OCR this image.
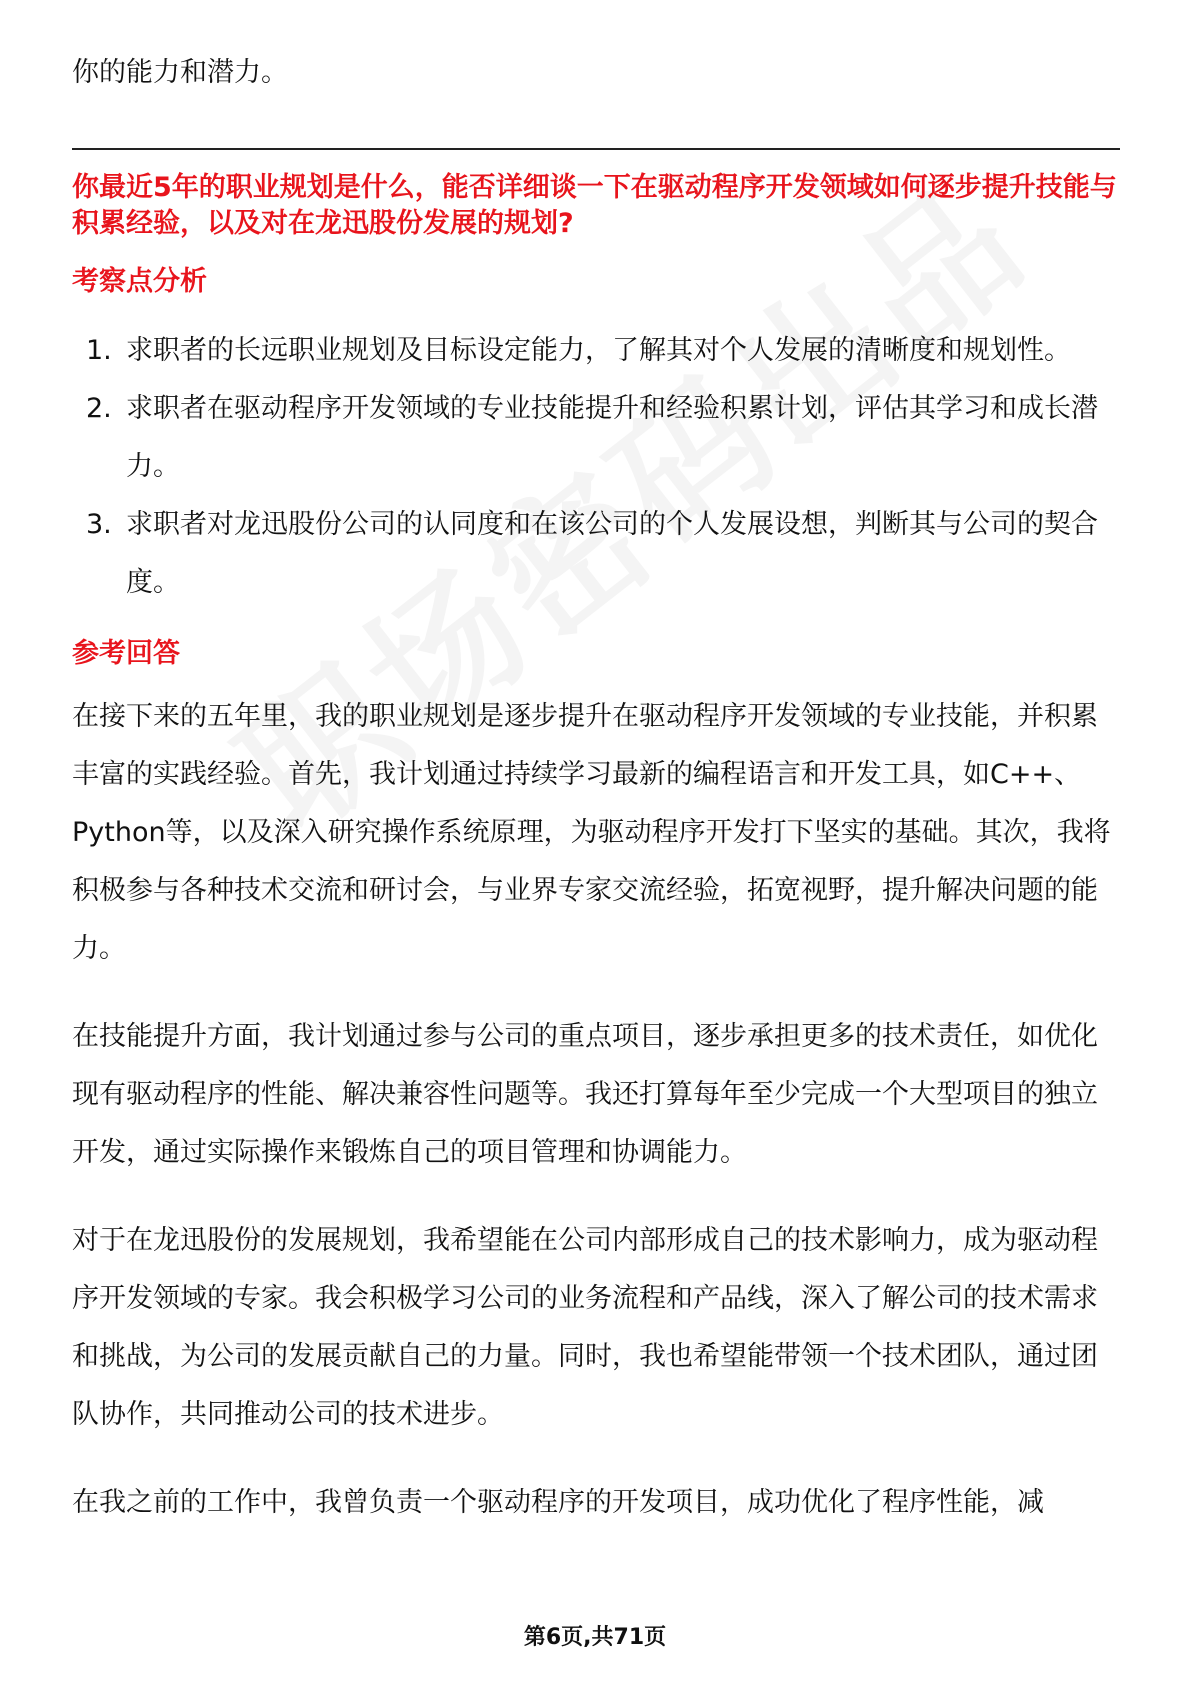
你的能力和潜力。

你最近5年的职业规划是什么，能否详细谈一下在驱动程序开发领域如何逐步提升技能与积累经验，以及对在龙迅股份发展的规划?

考察点分析

1. 求职者的长远职业规划及目标设定能力，了解其对个人发展的清晰度和规划性。
2. 求职者在驱动程序开发领域的专业技能提升和经验积累计划，评估其学习和成长潜力。
3. 求职者对龙迅股份公司的认同度和在该公司的个人发展设想，判断其与公司的契合度。

参考回答

在接下来的五年里，我的职业规划是逐步提升在驱动程序开发领域的专业技能，并积累丰富的实践经验。首先，我计划通过持续学习最新的编程语言和开发工具，如C++、Python等，以及深入研究操作系统原理，为驱动程序开发打下坚实的基础。其次，我将积极参与各种技术交流和研讨会，与业界专家交流经验，拓宽视野，提升解决问题的能力。

在技能提升方面，我计划通过参与公司的重点项目，逐步承担更多的技术责任，如优化现有驱动程序的性能、解决兼容性问题等。我还打算每年至少完成一个大型项目的独立开发，通过实际操作来锻炼自己的项目管理和协调能力。

对于在龙迅股份的发展规划，我希望能在公司内部形成自己的技术影响力，成为驱动程序开发领域的专家。我会积极学习公司的业务流程和产品线，深入了解公司的技术需求和挑战，为公司的发展贡献自己的力量。同时，我也希望能带领一个技术团队，通过团队协作，共同推动公司的技术进步。

在我之前的工作中，我曾负责一个驱动程序的开发项目，成功优化了程序性能，减

第6页,共71页
